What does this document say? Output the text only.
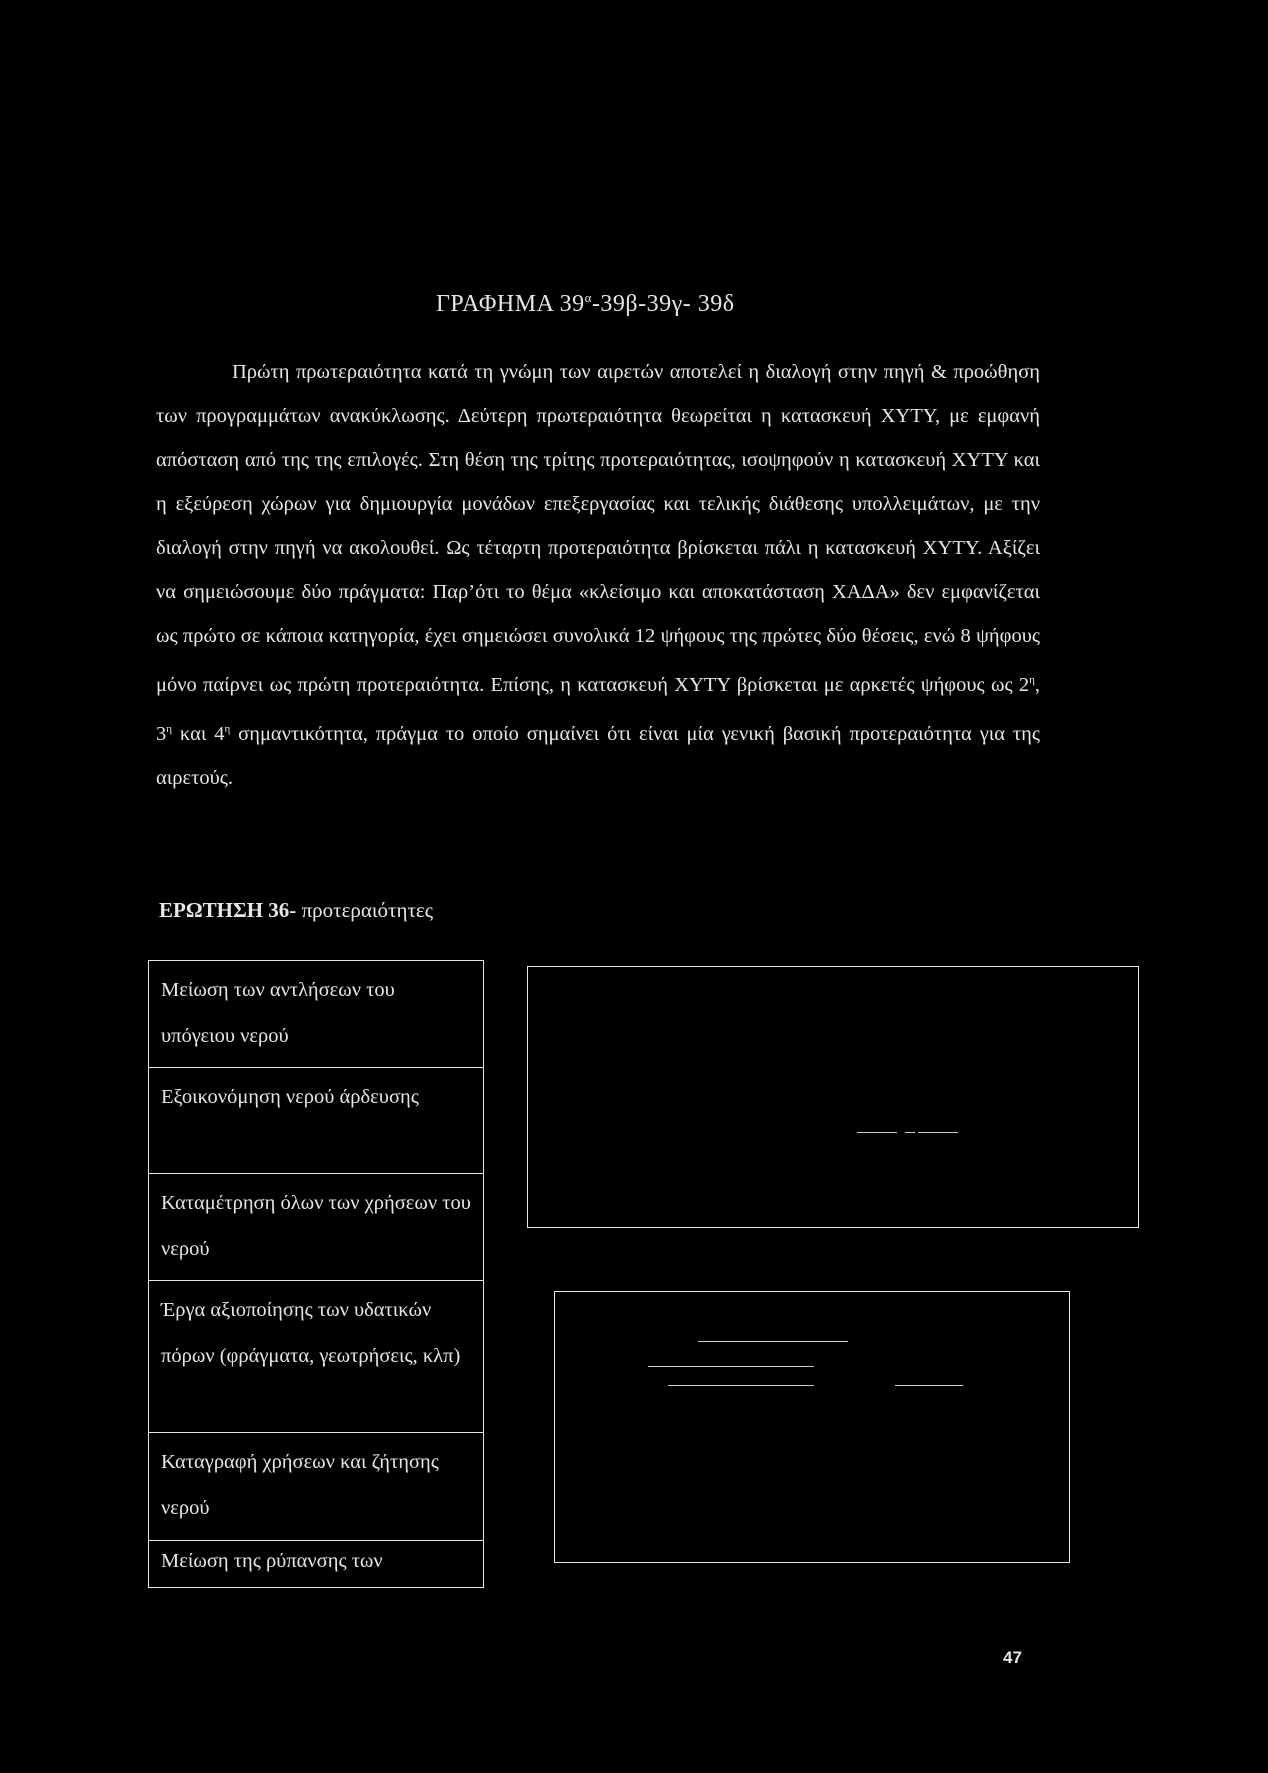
ΓΡΑΦΗΜΑ $39^\alpha-39\beta-39\gamma-$ 39δ
Πρώτη πρωτεραιότητα κατά τη γνώμη των αιρετών αποτελεί η διαλογή στην πηγή & προώθηση των προγραμμάτων ανακύκλωσης. Δεύτερη πρωτεραιότητα θεωρείται η κατασκευή ΧΥΤΥ, με εμφανή απόσταση από της της επιλογές. Στη θέση της τρίτης προτεραιότητας, ισοψηφούν η κατασκευή ΧΥΤΥ και η εξεύρεση χώρων για δημιουργία μονάδων επεξεργασίας και τελικής διάθεσης υπολλειμάτων, με την διαλογή στην πηγή να ακολουθεί. Ως τέταρτη προτεραιότητα βρίσκεται πάλι η κατασκευή ΧΥΤΥ. Αξίζει να σημειώσουμε δύο πράγματα: Παρ’ότι το θέμα «κλείσιμο και αποκατάσταση ΧΑΔΑ» δεν εμφανίζεται ως πρώτο σε κάποια κατηγορία, έχει σημειώσει συνολικά 12 ψήφους της πρώτες δύο θέσεις, ενώ 8 ψήφους μόνο παίρνει ως πρώτη προτεραιότητα. Επίσης, η κατασκευή ΧΥΤΥ βρίσκεται με αρκετές ψήφους ως $2^\eta$, $3^\eta$ και $4^\eta$ σημαντικότητα, πράγμα το οποίο σημαίνει ότι είναι μία γενική βασική προτεραιότητα για της αιρετούς.
ΕΡΩΤΗΣΗ 36- προτεραιότητες
Μείωση των αντλήσεων του υπόγειου νερού
Εξοικονόμηση νερού άρδευσης
Καταμέτρηση όλων των χρήσεων του νερού
Έργα αξιοποίησης των υδατικών πόρων (φράγματα, γεωτρήσεις, κλπ)
Καταγραφή χρήσεων και ζήτησης νερού
Μείωση της ρύπανσης των
47
